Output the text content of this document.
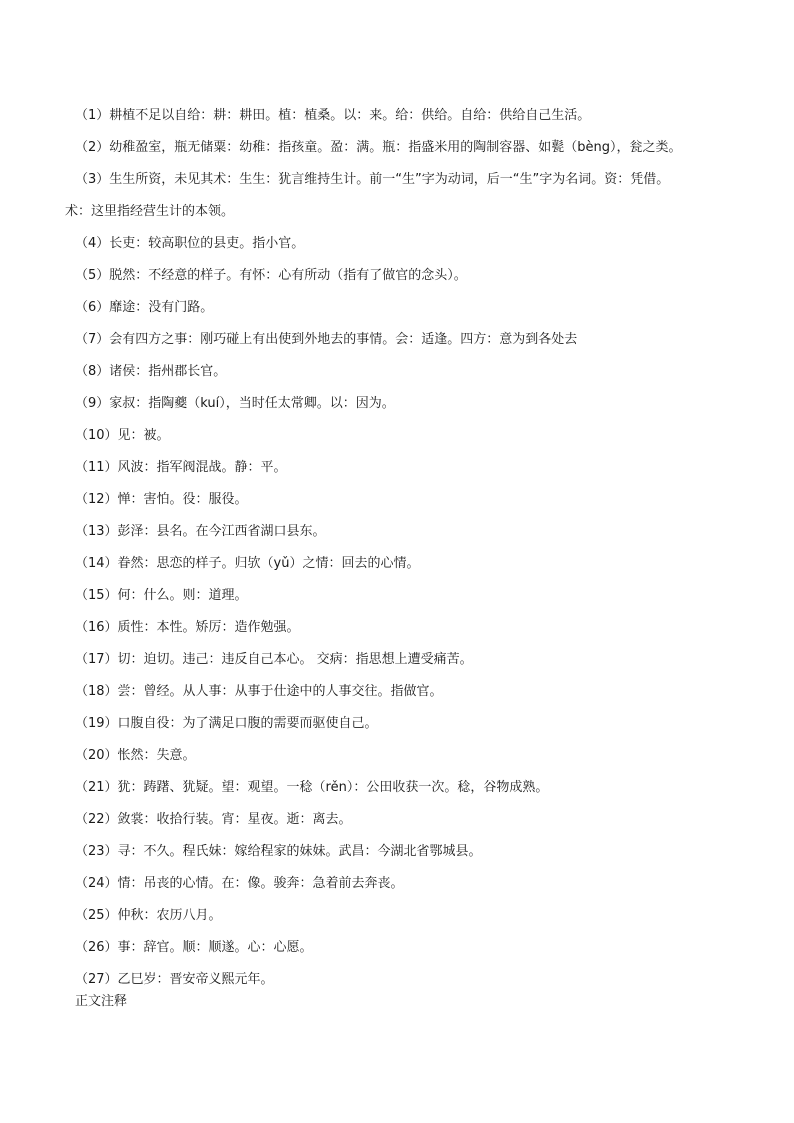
（1）耕植不足以自给：耕：耕田。植：植桑。以：来。给：供给。自给：供给自己生活。
（2）幼稚盈室，瓶无储粟：幼稚：指孩童。盈：满。瓶：指盛米用的陶制容器、如甏（bèng），瓮之类。
（3）生生所资，未见其术：生生：犹言维持生计。前一“生”字为动词，后一“生”字为名词。资：凭借。
术：这里指经营生计的本领。
（4）长吏：较高职位的县吏。指小官。
（5）脱然：不经意的样子。有怀：心有所动（指有了做官的念头）。
（6）靡途：没有门路。
（7）会有四方之事：刚巧碰上有出使到外地去的事情。会：适逢。四方：意为到各处去
（8）诸侯：指州郡长官。
（9）家叔：指陶夔（kuí），当时任太常卿。以：因为。
（10）见：被。
（11）风波：指军阀混战。静：平。
（12）惮：害怕。役：服役。
（13）彭泽：县名。在今江西省湖口县东。
（14）眷然：思恋的样子。归欤（yǔ）之情：回去的心情。
（15）何：什么。则：道理。
（16）质性：本性。矫厉：造作勉强。
（17）切：迫切。违己：违反自己本心。 交病：指思想上遭受痛苦。
（18）尝：曾经。从人事：从事于仕途中的人事交往。指做官。
（19）口腹自役：为了满足口腹的需要而驱使自己。
（20）怅然：失意。
（21）犹：踌躇、犹疑。望：观望。一稔（rěn）：公田收获一次。稔，谷物成熟。
（22）敛裳：收拾行装。宵：星夜。逝：离去。
（23）寻：不久。程氏妹：嫁给程家的妹妹。武昌：今湖北省鄂城县。
（24）情：吊丧的心情。在：像。骏奔：急着前去奔丧。
（25）仲秋：农历八月。
（26）事：辞官。顺：顺遂。心：心愿。
（27）乙巳岁：晋安帝义熙元年。
正文注释
